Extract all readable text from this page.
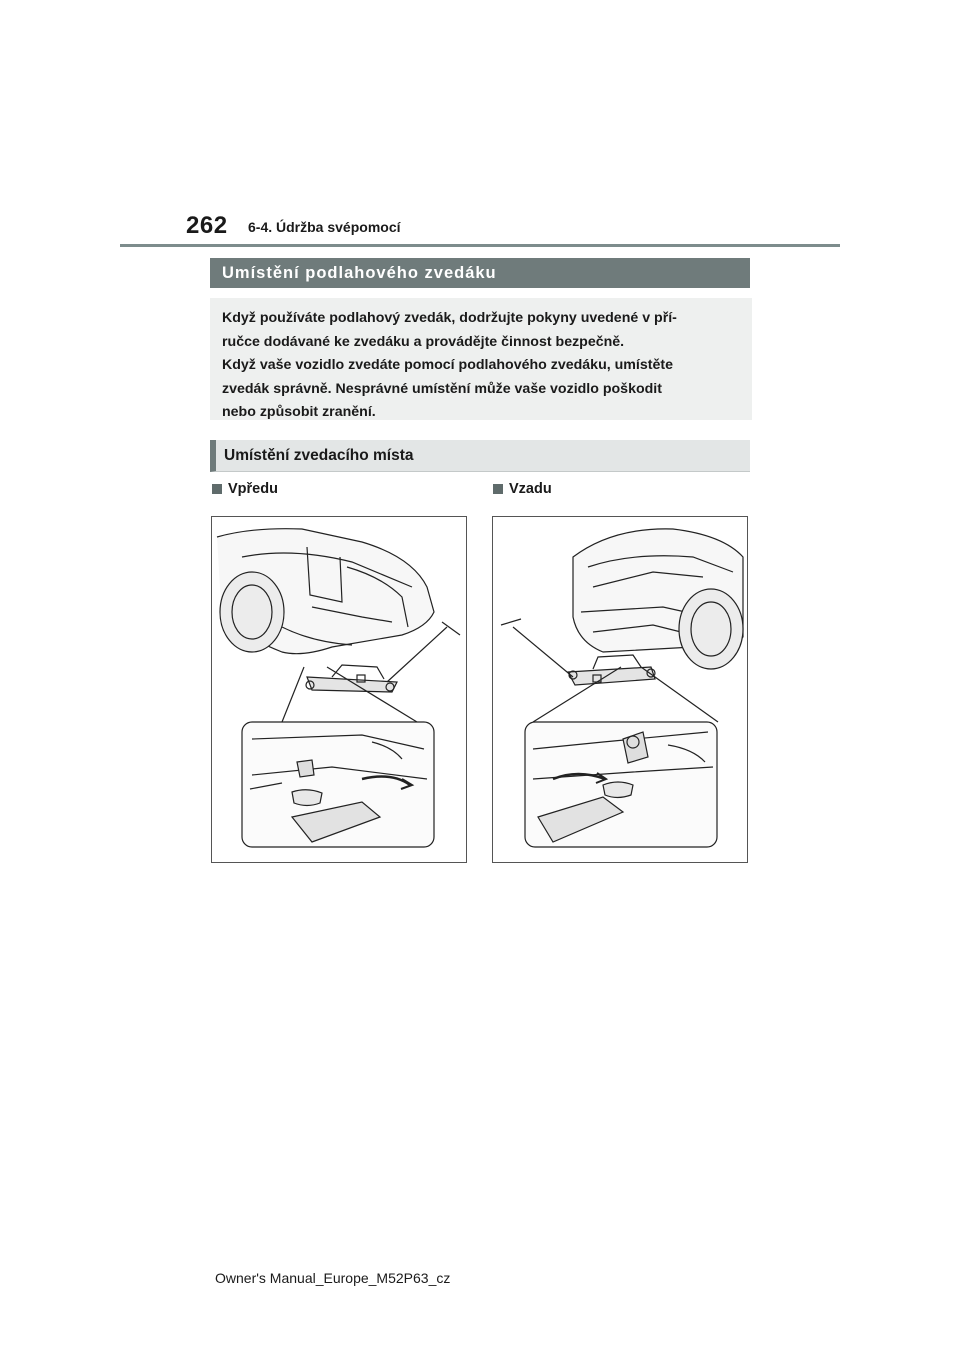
262 6-4. Údržba svépomocí
Umístění podlahového zvedáku

Když používáte podlahový zvedák, dodržujte pokyny uvedené v pří-

ručce dodávané ke zvedáku a provádějte činnost bezpečně.

Když vaše vozidlo zvedáte pomocí podlahového zvedáku, umístěte

zvedák správně. Nesprávné umístění může vaše vozidlo poškodit

nebo způsobit zranění.

Umístění zvedacího místa
Vpředu	Vzadu
Owner's Manual_Europe_M52P63_cz
